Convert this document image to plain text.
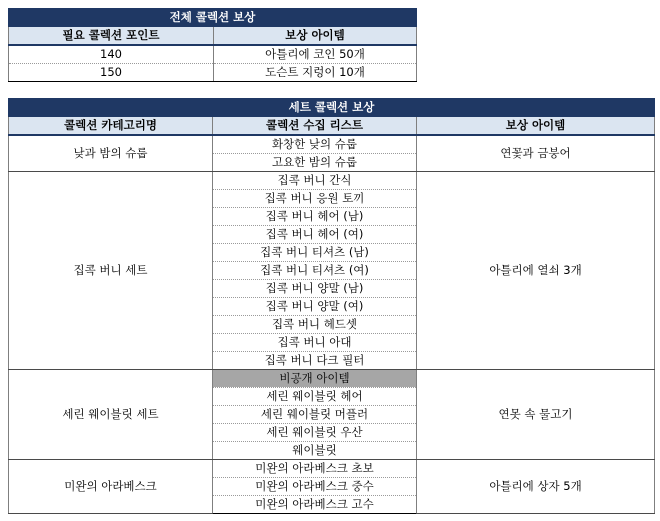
전체 콜렉션 보상	
필요 콜렉션 포인트	보상 아이템
140	아틀리에 코인 50개
150	도슨트 지렁이 10개
세트 콜렉션 보상		
콜렉션 카테고리명	콜렉션 수집 리스트	보상 아이템
낮과 밤의 슈룹	화창한 낮의 슈룹	연꽃과 금붕어
	고요한 밤의 슈룹	
집콕 버니 세트	집콕 버니 간식	아틀리에 열쇠 3개
	집콕 버니 응원 토끼	
	집콕 버니 헤어 (남)	
	집콕 버니 헤어 (여)	
	집콕 버니 티셔츠 (남)	
	집콕 버니 티셔츠 (여)	
	집콕 버니 양말 (남)	
	집콕 버니 양말 (여)	
	집콕 버니 헤드셋	
	집콕 버니 아대	
	집콕 버니 다크 필터	
세린 웨이블릿 세트	비공개 아이템	연못 속 물고기
	세린 웨이블릿 헤어	
	세린 웨이블릿 머플러	
	세린 웨이블릿 우산	
	웨이블릿	
미완의 아라베스크	미완의 아라베스크 초보	아틀리에 상자 5개
	미완의 아라베스크 중수	
	미완의 아라베스크 고수	
